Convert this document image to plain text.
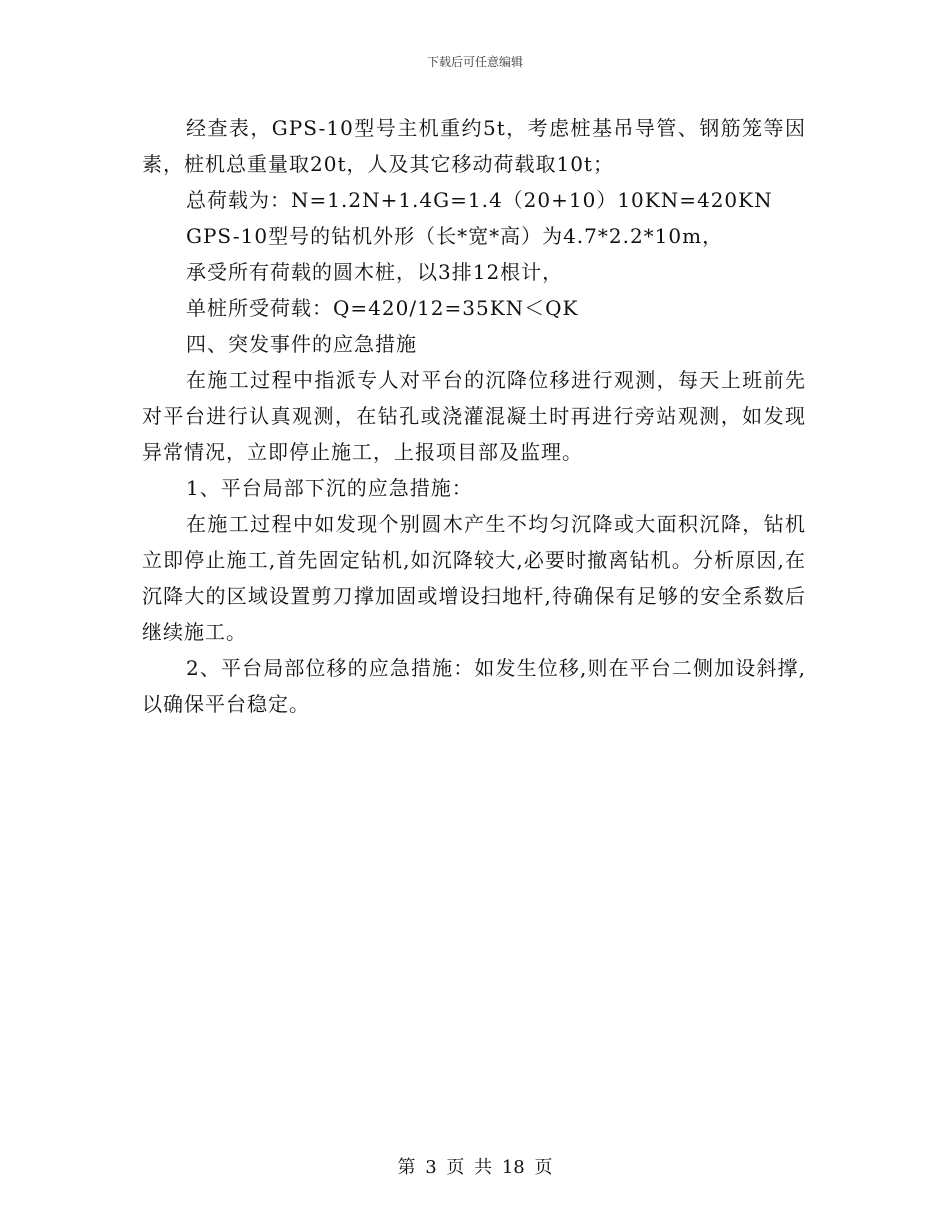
下载后可任意编辑

经查表，GPS-10型号主机重约5t，考虑桩基吊导管、钢筋笼等因素，桩机总重量取20t，人及其它移动荷载取10t；

总荷载为：N=1.2N+1.4G=1.4（20+10）10KN=420KN

GPS-10型号的钻机外形（长*宽*高）为4.7*2.2*10m，

承受所有荷载的圆木桩，以3排12根计，

单桩所受荷载：Q=420/12=35KN＜QK

四、突发事件的应急措施

在施工过程中指派专人对平台的沉降位移进行观测，每天上班前先对平台进行认真观测，在钻孔或浇灌混凝土时再进行旁站观测，如发现异常情况，立即停止施工，上报项目部及监理。

1、平台局部下沉的应急措施：

在施工过程中如发现个别圆木产生不均匀沉降或大面积沉降，钻机立即停止施工,首先固定钻机,如沉降较大,必要时撤离钻机。分析原因,在沉降大的区域设置剪刀撑加固或增设扫地杆,待确保有足够的安全系数后继续施工。

2、平台局部位移的应急措施：如发生位移,则在平台二侧加设斜撑,以确保平台稳定。

第 3 页 共 18 页
